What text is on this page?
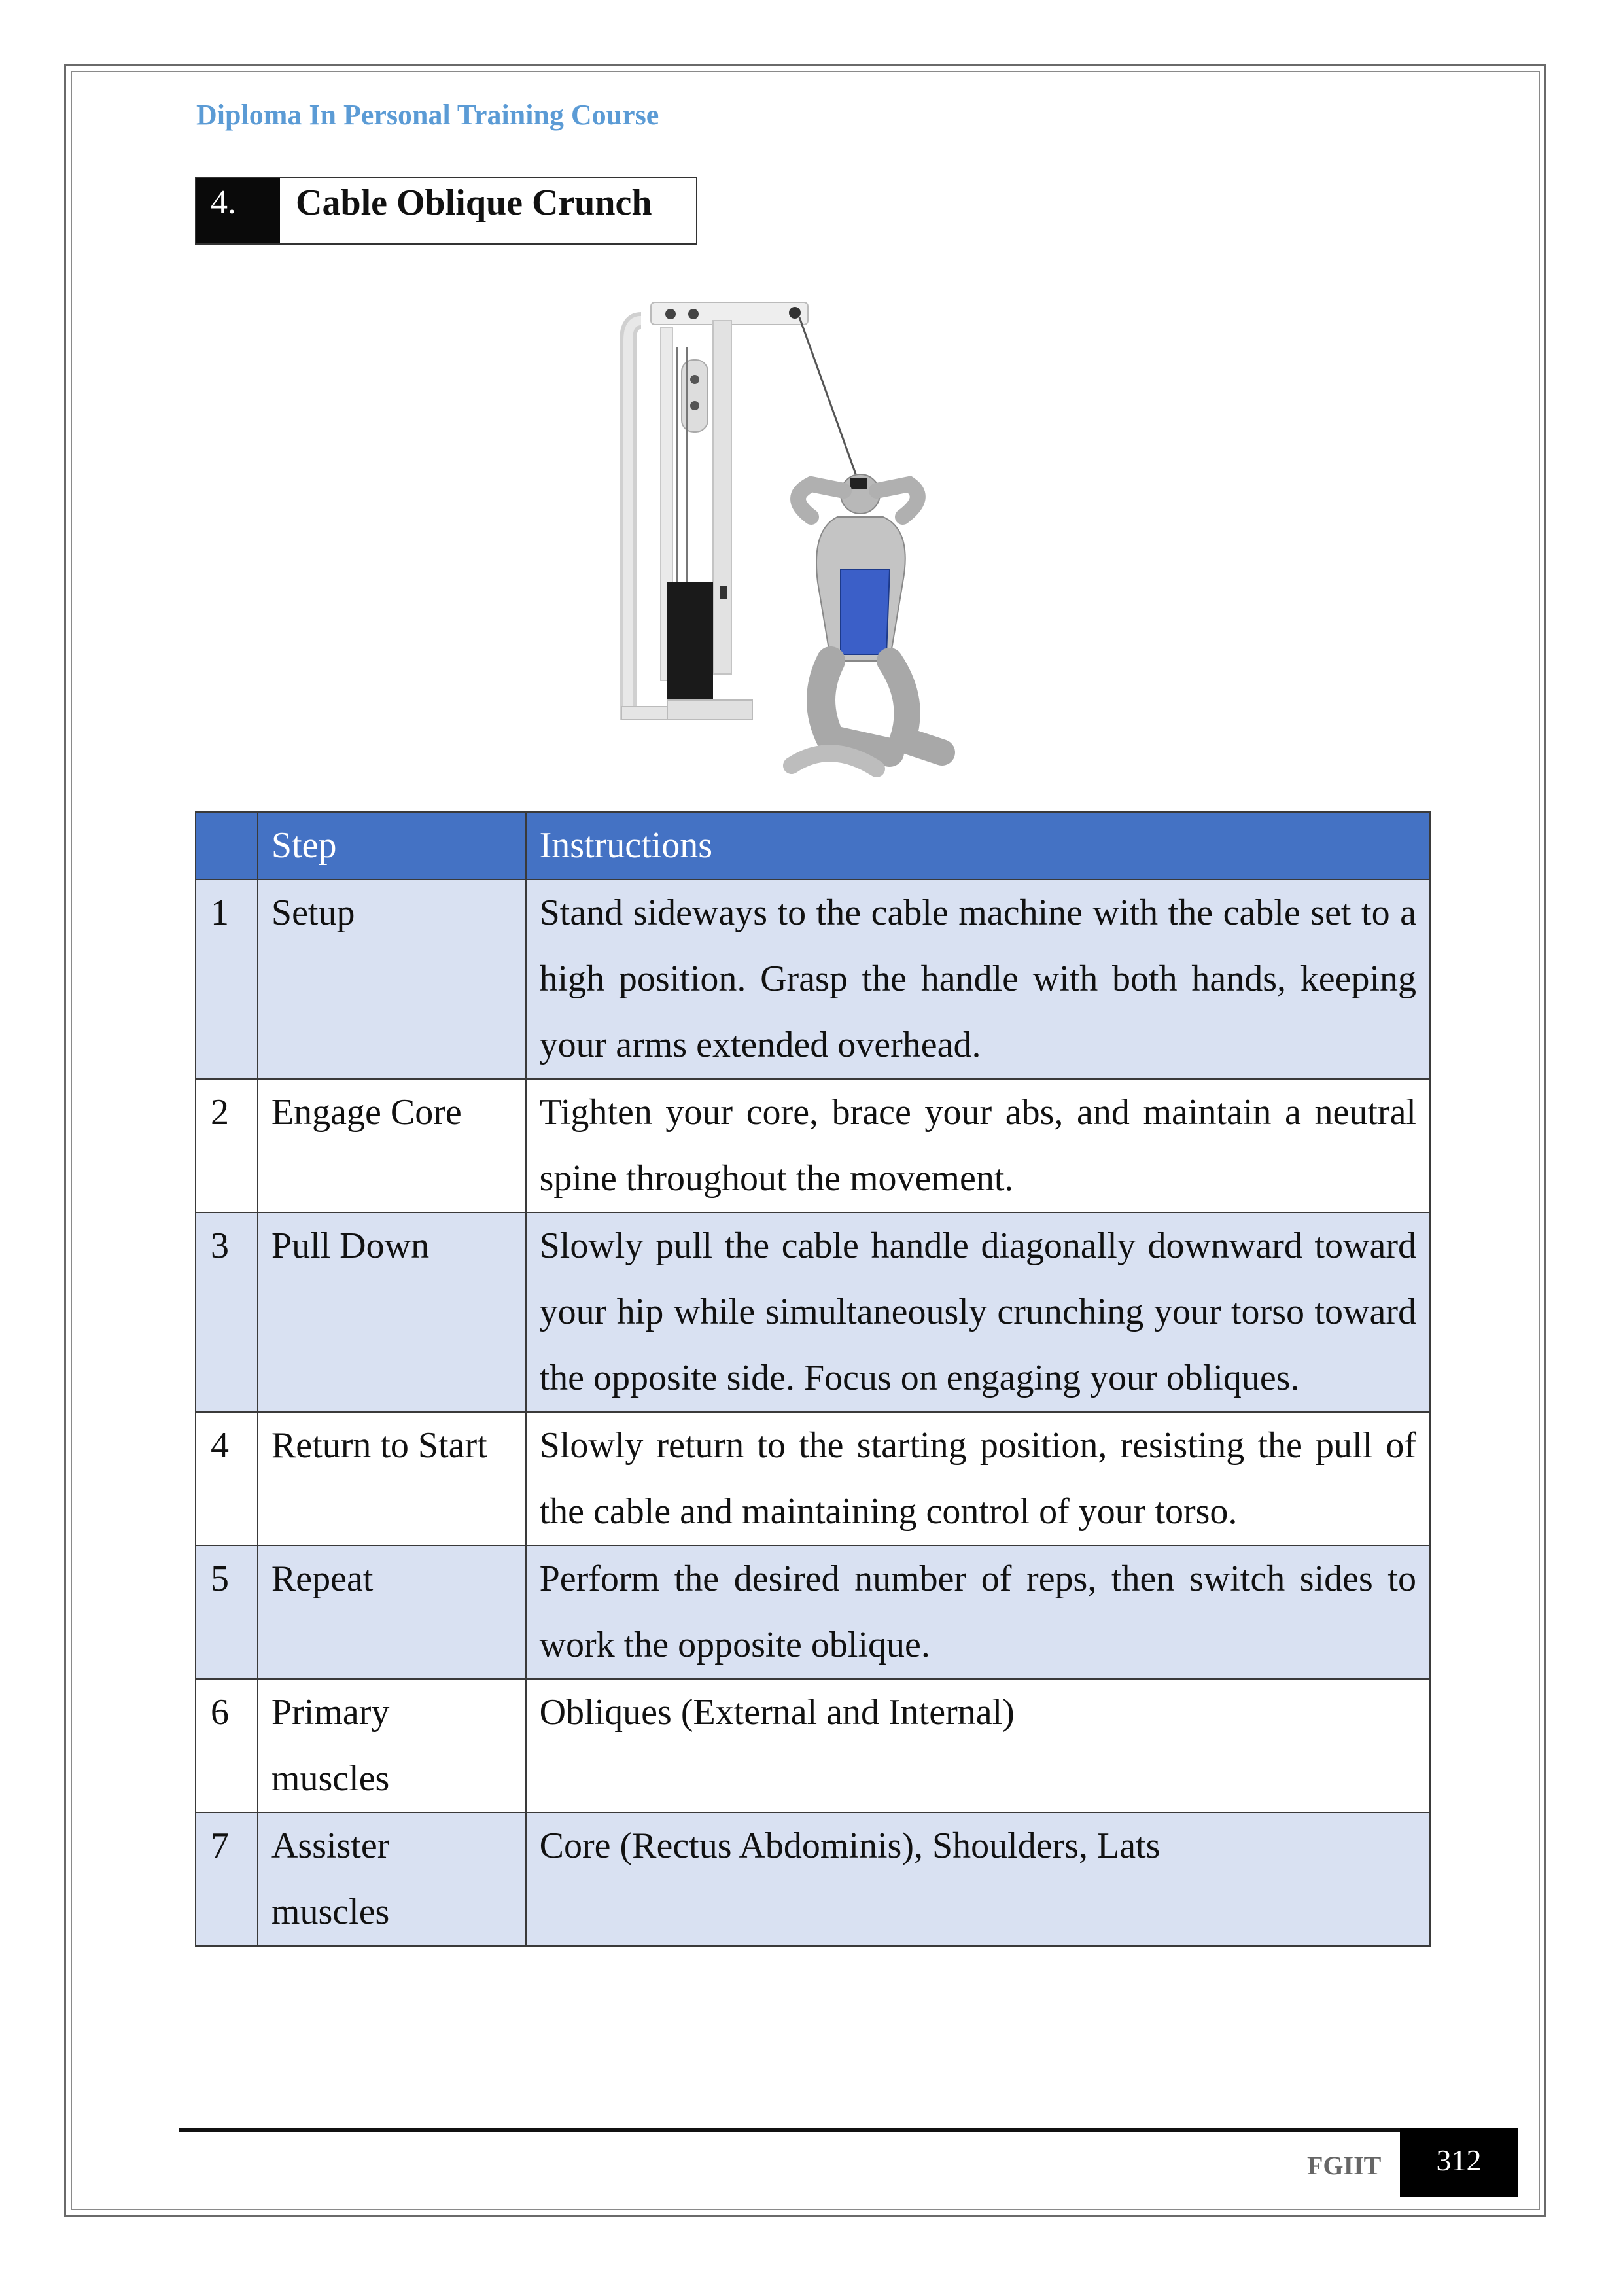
Diploma In Personal Training Course
4.	Cable Oblique Crunch
	Step	Instructions
1	Setup	Stand sideways to the cable machine with the cable set to a high position. Grasp the handle with both hands, keeping your arms extended overhead.
2	Engage Core	Tighten your core, brace your abs, and maintain a neutral spine throughout the movement.
3	Pull Down	Slowly pull the cable handle diagonally downward toward your hip while simultaneously crunching your torso toward the opposite side. Focus on engaging your obliques.
4	Return to Start	Slowly return to the starting position, resisting the pull of the cable and maintaining control of your torso.
5	Repeat	Perform the desired number of reps, then switch sides to work the opposite oblique.
6	Primary muscles	Obliques (External and Internal)
7	Assister muscles	Core (Rectus Abdominis), Shoulders, Lats
FGIIT	312
